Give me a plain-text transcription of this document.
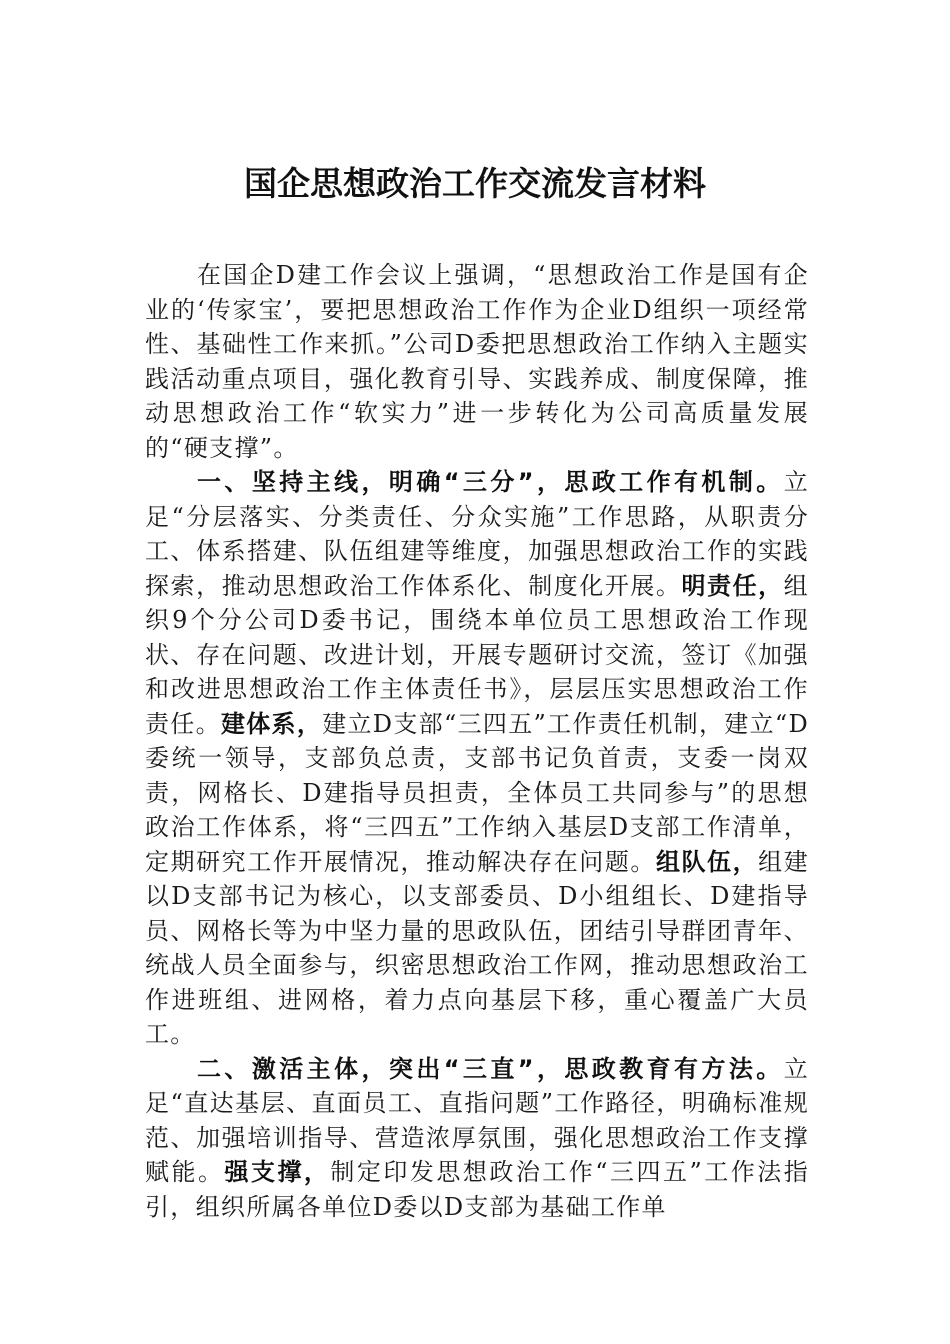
国企思想政治工作交流发言材料

在国企D建工作会议上强调，“思想政治工作是国有企业的‘传家宝’，要把思想政治工作作为企业D组织一项经常性、基础性工作来抓。”公司D委把思想政治工作纳入主题实践活动重点项目，强化教育引导、实践养成、制度保障，推动思想政治工作“软实力”进一步转化为公司高质量发展的“硬支撑”。

一、坚持主线，明确“三分”，思政工作有机制。立足“分层落实、分类责任、分众实施”工作思路，从职责分工、体系搭建、队伍组建等维度，加强思想政治工作的实践探索，推动思想政治工作体系化、制度化开展。明责任，组织9个分公司D委书记，围绕本单位员工思想政治工作现状、存在问题、改进计划，开展专题研讨交流，签订《加强和改进思想政治工作主体责任书》，层层压实思想政治工作责任。建体系，建立D支部“三四五”工作责任机制，建立“D委统一领导，支部负总责，支部书记负首责，支委一岗双责，网格长、D建指导员担责，全体员工共同参与”的思想政治工作体系，将“三四五”工作纳入基层D支部工作清单，定期研究工作开展情况，推动解决存在问题。组队伍，组建以D支部书记为核心，以支部委员、D小组组长、D建指导员、网格长等为中坚力量的思政队伍，团结引导群团青年、统战人员全面参与，织密思想政治工作网，推动思想政治工作进班组、进网格，着力点向基层下移，重心覆盖广大员工。

二、激活主体，突出“三直”，思政教育有方法。立足“直达基层、直面员工、直指问题”工作路径，明确标准规范、加强培训指导、营造浓厚氛围，强化思想政治工作支撑赋能。强支撑，制定印发思想政治工作“三四五”工作法指引，组织所属各单位D委以D支部为基础工作单
